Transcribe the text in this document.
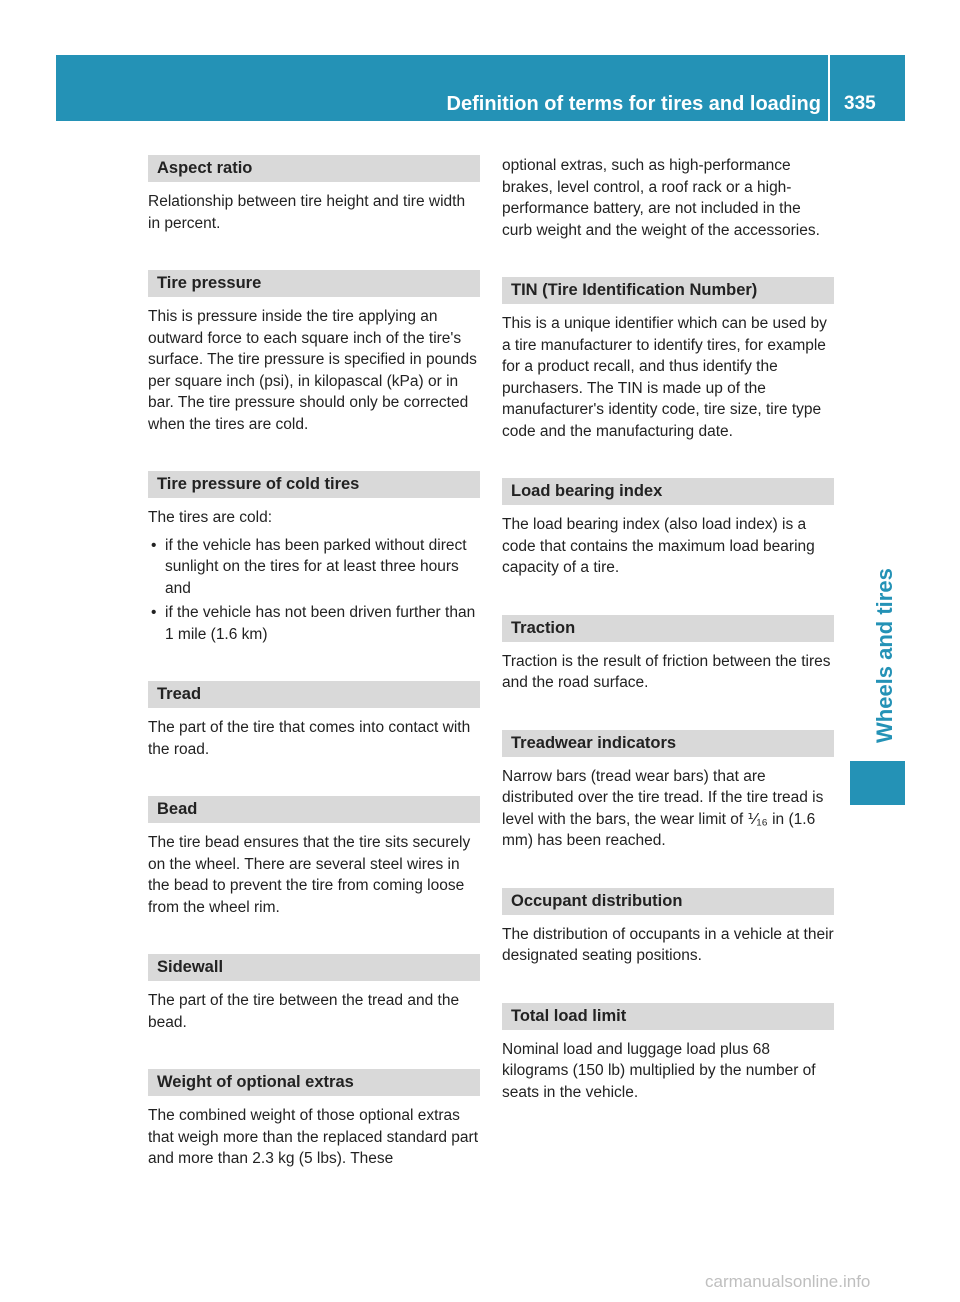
Definition of terms for tires and loading 335
Wheels and tires
Aspect ratio

Relationship between tire height and tire width in percent.

Tire pressure

This is pressure inside the tire applying an outward force to each square inch of the tire's surface. The tire pressure is specified in pounds per square inch (psi), in kilopascal (kPa) or in bar. The tire pressure should only be corrected when the tires are cold.

Tire pressure of cold tires

The tires are cold:

• if the vehicle has been parked without direct sunlight on the tires for at least three hours and
• if the vehicle has not been driven further than 1 mile (1.6 km)
Tread

The part of the tire that comes into contact with the road.

Bead

The tire bead ensures that the tire sits securely on the wheel. There are several steel wires in the bead to prevent the tire from coming loose from the wheel rim.

Sidewall

The part of the tire between the tread and the bead.

Weight of optional extras

The combined weight of those optional extras that weigh more than the replaced standard part and more than 2.3 kg (5 lbs). These

optional extras, such as high-performance brakes, level control, a roof rack or a high-performance battery, are not included in the curb weight and the weight of the accessories.

TIN (Tire Identification Number)

This is a unique identifier which can be used by a tire manufacturer to identify tires, for example for a product recall, and thus identify the purchasers. The TIN is made up of the manufacturer's identity code, tire size, tire type code and the manufacturing date.

Load bearing index

The load bearing index (also load index) is a code that contains the maximum load bearing capacity of a tire.

Traction

Traction is the result of friction between the tires and the road surface.

Treadwear indicators

Narrow bars (tread wear bars) that are distributed over the tire tread. If the tire tread is level with the bars, the wear limit of ⅟₁₆ in (1.6 mm) has been reached.

Occupant distribution

The distribution of occupants in a vehicle at their designated seating positions.

Total load limit

Nominal load and luggage load plus 68 kilograms (150 lb) multiplied by the number of seats in the vehicle.

carmanualsonline.info
